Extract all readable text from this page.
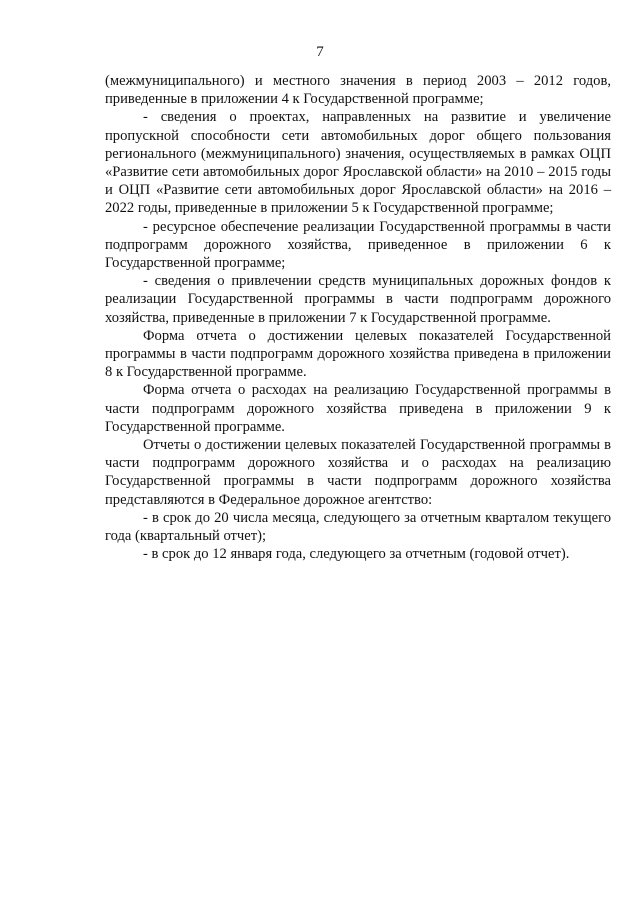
7

(межмуниципального) и местного значения в период 2003 – 2012 годов, приведенные в приложении 4 к Государственной программе;

- сведения о проектах, направленных на развитие и увеличение пропускной способности сети автомобильных дорог общего пользования регионального (межмуниципального) значения, осуществляемых в рамках ОЦП «Развитие сети автомобильных дорог Ярославской области» на 2010 – 2015 годы и ОЦП «Развитие сети автомобильных дорог Ярославской области» на 2016 – 2022 годы, приведенные в приложении 5 к Государственной программе;

- ресурсное обеспечение реализации Государственной программы в части подпрограмм дорожного хозяйства, приведенное в приложении 6 к Государственной программе;

- сведения о привлечении средств муниципальных дорожных фондов к реализации Государственной программы в части подпрограмм дорожного хозяйства, приведенные в приложении 7 к Государственной программе.

Форма отчета о достижении целевых показателей Государственной программы в части подпрограмм дорожного хозяйства приведена в приложении 8 к Государственной программе.

Форма отчета о расходах на реализацию Государственной программы в части подпрограмм дорожного хозяйства приведена в приложении 9 к Государственной программе.

Отчеты о достижении целевых показателей Государственной программы в части подпрограмм дорожного хозяйства и о расходах на реализацию Государственной программы в части подпрограмм дорожного хозяйства представляются в Федеральное дорожное агентство:

- в срок до 20 числа месяца, следующего за отчетным кварталом текущего года (квартальный отчет);

- в срок до 12 января года, следующего за отчетным (годовой отчет).
